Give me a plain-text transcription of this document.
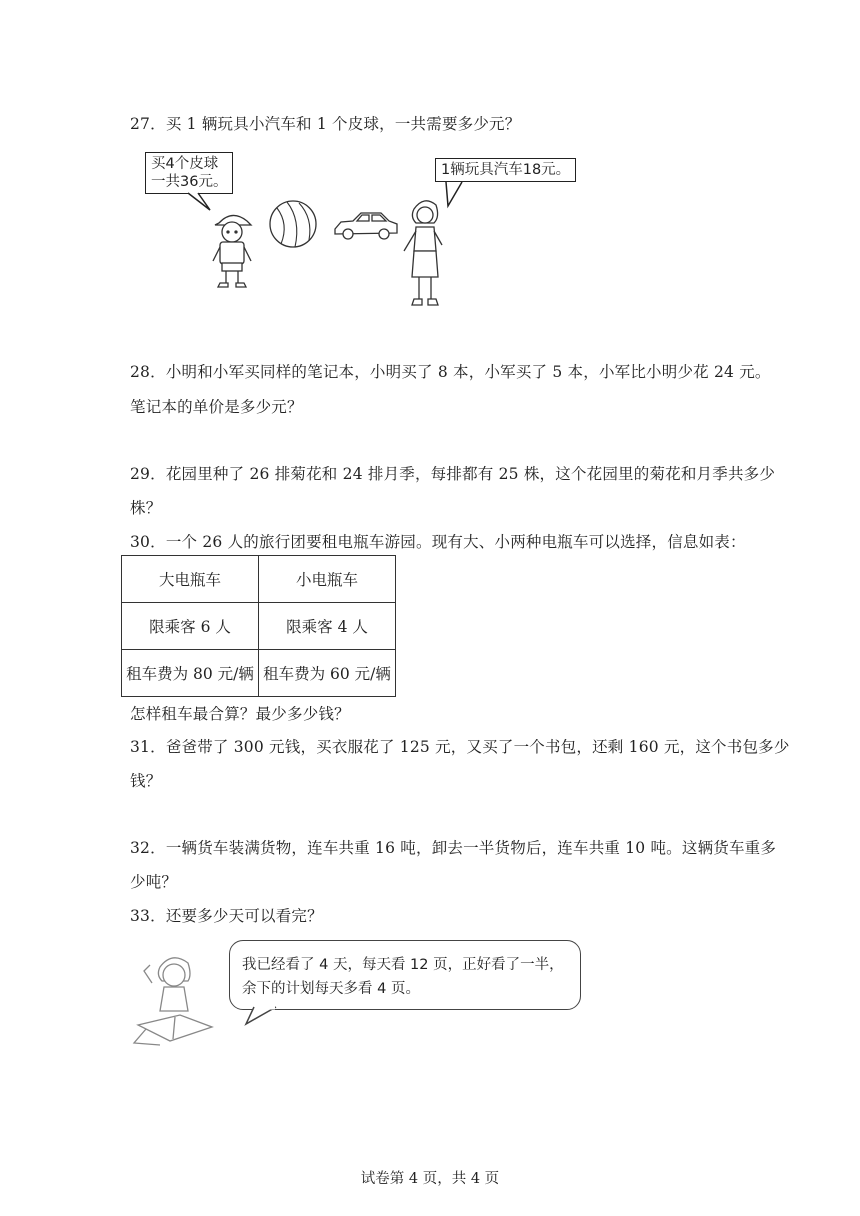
27．买 1 辆玩具小汽车和 1 个皮球，一共需要多少元？
买4个皮球
一共36元。
1辆玩具汽车18元。
28．小明和小军买同样的笔记本，小明买了 8 本，小军买了 5 本，小军比小明少花 24 元。
笔记本的单价是多少元？
29．花园里种了 26 排菊花和 24 排月季，每排都有 25 株，这个花园里的菊花和月季共多少
株？
30．一个 26 人的旅行团要租电瓶车游园。现有大、小两种电瓶车可以选择，信息如表：
大电瓶车	小电瓶车
限乘客 6 人	限乘客 4 人
租车费为 80 元/辆	租车费为 60 元/辆
怎样租车最合算？最少多少钱？
31．爸爸带了 300 元钱，买衣服花了 125 元，又买了一个书包，还剩 160 元，这个书包多少
钱？
32．一辆货车装满货物，连车共重 16 吨，卸去一半货物后，连车共重 10 吨。这辆货车重多
少吨？
33．还要多少天可以看完？
我已经看了 4 天，每天看 12 页，正好看了一半，
余下的计划每天多看 4 页。
试卷第 4 页，共 4 页
